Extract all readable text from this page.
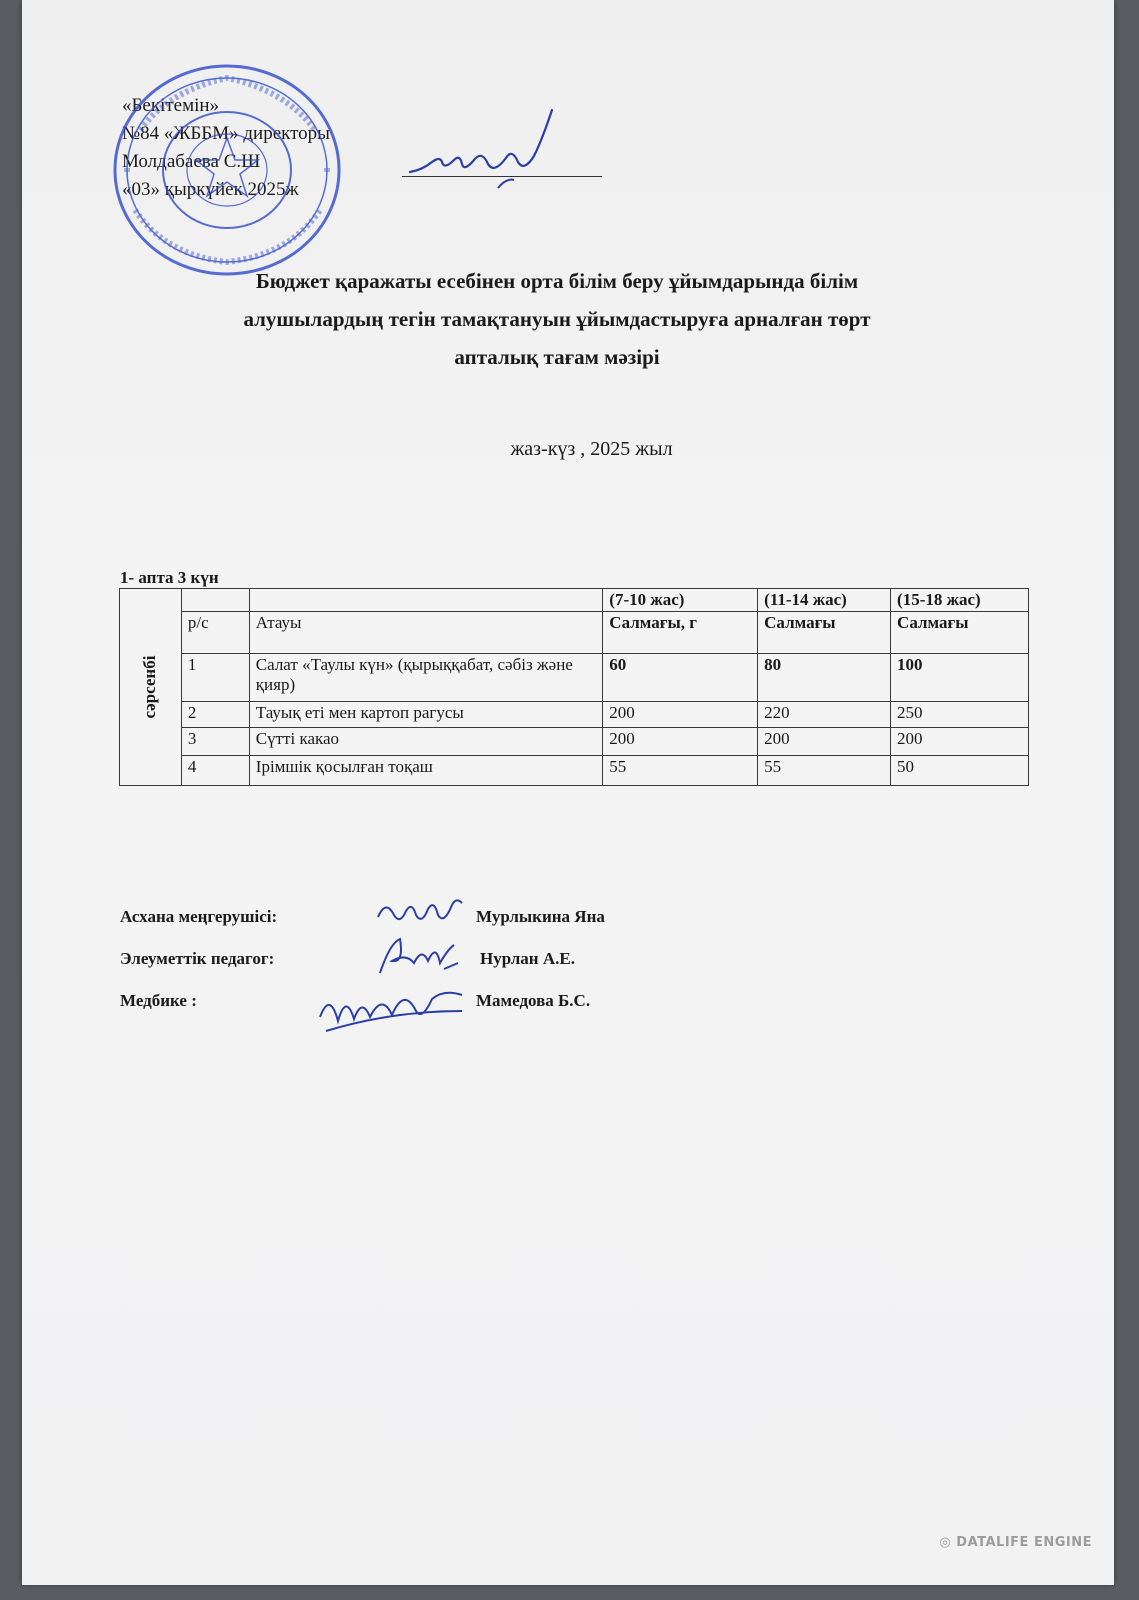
«Бекітемін»
№84 «ЖББМ» директоры
Молдабаева С.Ш
«03» қыркүйек 2025ж
Бюджет қаражаты есебінен орта білім беру ұйымдарында білім
алушылардың тегін тамақтануын ұйымдастыруға арналған төрт
апталық тағам мәзірі
жаз-күз , 2025 жыл
1- апта 3 күн
сәрсенбі			(7-10 жас)	(11-14 жас)	(15-18 жас)
	р/с	Атауы	Салмағы, г	Салмағы	Салмағы
	1	Салат «Таулы күн» (қырыққабат, сәбіз және қияр)	60	80	100
	2	Тауық еті мен картоп рагусы	200	220	250
	3	Сүтті какао	200	200	200
	4	Ірімшік қосылған тоқаш	55	55	50
Асхана меңгерушісі:	Мурлыкина Яна
Элеуметтік педагог:	Нурлан А.Е.
Медбике :	Мамедова Б.С.
◎ DATALIFE ENGINE
